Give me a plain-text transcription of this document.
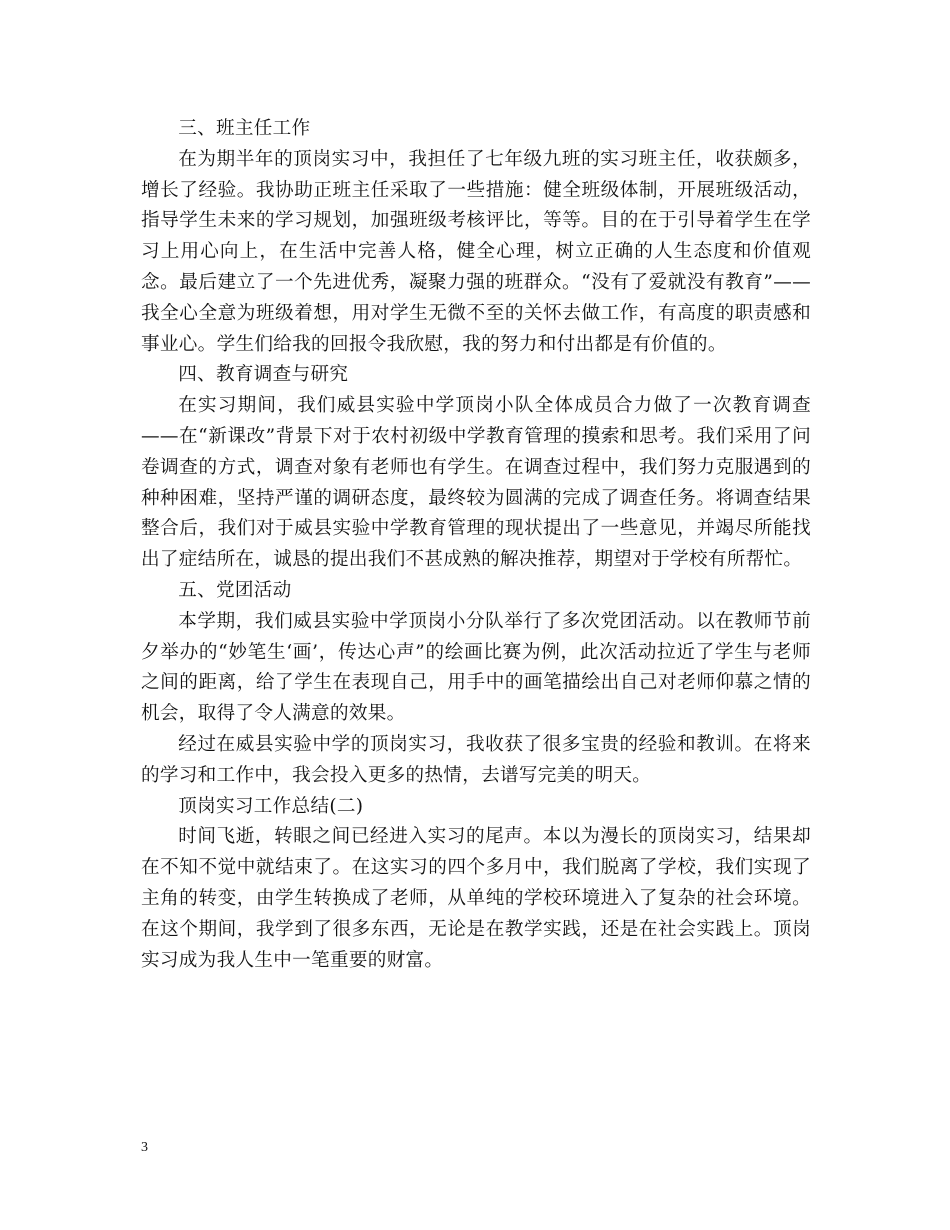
三、班主任工作

在为期半年的顶岗实习中，我担任了七年级九班的实习班主任，收获颇多，增长了经验。我协助正班主任采取了一些措施：健全班级体制，开展班级活动，指导学生未来的学习规划，加强班级考核评比，等等。目的在于引导着学生在学习上用心向上，在生活中完善人格，健全心理，树立正确的人生态度和价值观念。最后建立了一个先进优秀，凝聚力强的班群众。“没有了爱就没有教育”——我全心全意为班级着想，用对学生无微不至的关怀去做工作，有高度的职责感和事业心。学生们给我的回报令我欣慰，我的努力和付出都是有价值的。

四、教育调查与研究

在实习期间，我们威县实验中学顶岗小队全体成员合力做了一次教育调查——在“新课改”背景下对于农村初级中学教育管理的摸索和思考。我们采用了问卷调查的方式，调查对象有老师也有学生。在调查过程中，我们努力克服遇到的种种困难，坚持严谨的调研态度，最终较为圆满的完成了调查任务。将调查结果整合后，我们对于威县实验中学教育管理的现状提出了一些意见，并竭尽所能找出了症结所在，诚恳的提出我们不甚成熟的解决推荐，期望对于学校有所帮忙。

五、党团活动

本学期，我们威县实验中学顶岗小分队举行了多次党团活动。以在教师节前夕举办的“妙笔生‘画’，传达心声”的绘画比赛为例，此次活动拉近了学生与老师之间的距离，给了学生在表现自己，用手中的画笔描绘出自己对老师仰慕之情的机会，取得了令人满意的效果。

经过在威县实验中学的顶岗实习，我收获了很多宝贵的经验和教训。在将来的学习和工作中，我会投入更多的热情，去谱写完美的明天。

顶岗实习工作总结(二)

时间飞逝，转眼之间已经进入实习的尾声。本以为漫长的顶岗实习，结果却在不知不觉中就结束了。在这实习的四个多月中，我们脱离了学校，我们实现了主角的转变，由学生转换成了老师，从单纯的学校环境进入了复杂的社会环境。在这个期间，我学到了很多东西，无论是在教学实践，还是在社会实践上。顶岗实习成为我人生中一笔重要的财富。

3
